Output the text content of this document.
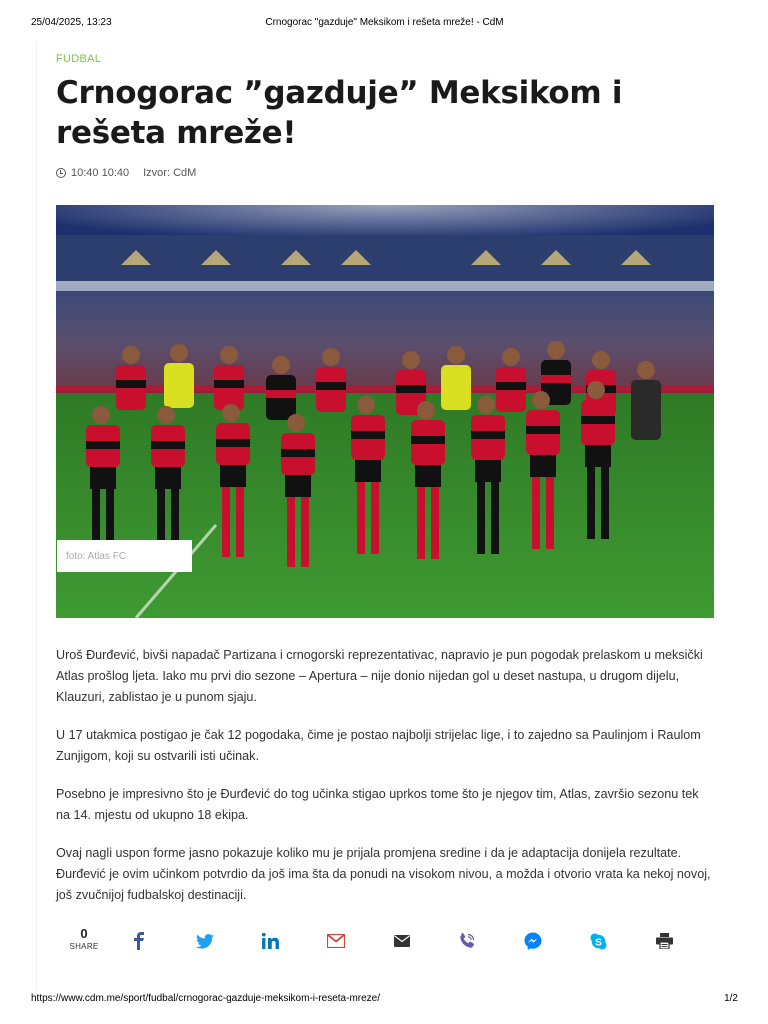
25/04/2025, 13:23	Crnogorac "gazduje" Meksikom i rešeta mreže! - CdM
FUDBAL
Crnogorac ”gazduje” Meksikom i rešeta mreže!
10:40 10:40 Izvor: CdM
foto: Atlas FC

Uroš Đurđević, bivši napadač Partizana i crnogorski reprezentativac, napravio je pun pogodak prelaskom u meksički Atlas prošlog ljeta. Iako mu prvi dio sezone – Apertura – nije donio nijedan gol u deset nastupa, u drugom dijelu, Klauzuri, zablistao je u punom sjaju.

U 17 utakmica postigao je čak 12 pogodaka, čime je postao najbolji strijelac lige, i to zajedno sa Paulinjom i Raulom Zunjigom, koji su ostvarili isti učinak.

Posebno je impresivno što je Đurđević do tog učinka stigao uprkos tome što je njegov tim, Atlas, završio sezonu tek na 14. mjestu od ukupno 18 ekipa.

Ovaj nagli uspon forme jasno pokazuje koliko mu je prijala promjena sredine i da je adaptacija donijela rezultate. Đurđević je ovim učinkom potvrdio da još ima šta da ponudi na visokom nivou, a možda i otvorio vrata ka nekoj novoj, još zvučnijoj fudbalskoj destinaciji.

0
SHARE	S
https://www.cdm.me/sport/fudbal/crnogorac-gazduje-meksikom-i-reseta-mreze/	1/2
